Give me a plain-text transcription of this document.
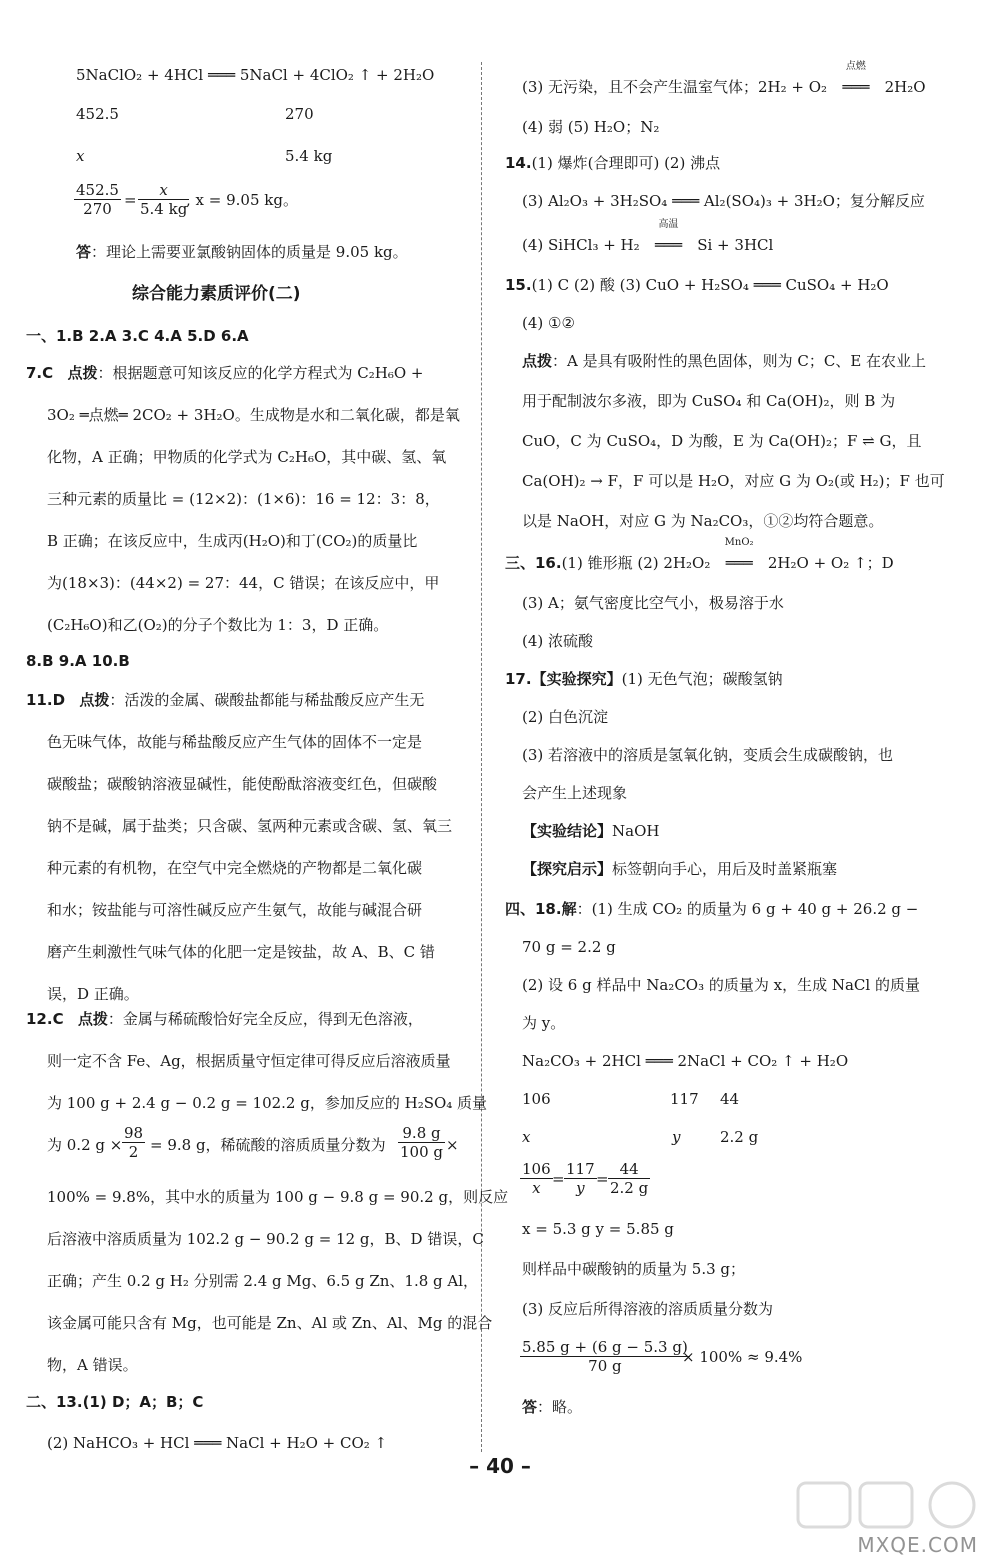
5NaClO₂ + 4HCl ═══ 5NaCl + 4ClO₂ ↑ + 2H₂O
452.5	270
x	5.4 kg
$\frac{452.5}{270} = \frac{x}{5.4 kg}$
, x = 9.05 kg。
答：理论上需要亚氯酸钠固体的质量是 9.05 kg。
综合能力素质评价(二)
一、1.B 2.A 3.C 4.A 5.D 6.A
7.C 点拨：根据题意可知该反应的化学方程式为 C₂H₆O +
3O₂ ═点燃═ 2CO₂ + 3H₂O。生成物是水和二氧化碳，都是氧
化物，A 正确；甲物质的化学式为 C₂H₆O，其中碳、氢、氧
三种元素的质量比 = (12×2)：(1×6)：16 = 12：3：8，
B 正确；在该反应中，生成丙(H₂O)和丁(CO₂)的质量比
为(18×3)：(44×2) = 27：44，C 错误；在该反应中，甲
(C₂H₆O)和乙(O₂)的分子个数比为 1：3，D 正确。
8.B 9.A 10.B
11.D 点拨：活泼的金属、碳酸盐都能与稀盐酸反应产生无
色无味气体，故能与稀盐酸反应产生气体的固体不一定是
碳酸盐；碳酸钠溶液显碱性，能使酚酞溶液变红色，但碳酸
钠不是碱，属于盐类；只含碳、氢两种元素或含碳、氢、氧三
种元素的有机物，在空气中完全燃烧的产物都是二氧化碳
和水；铵盐能与可溶性碱反应产生氨气，故能与碱混合研
磨产生刺激性气味气体的化肥一定是铵盐，故 A、B、C 错
误，D 正确。
12.C 点拨：金属与稀硫酸恰好完全反应，得到无色溶液，
则一定不含 Fe、Ag，根据质量守恒定律可得反应后溶液质量
为 100 g + 2.4 g − 0.2 g = 102.2 g，参加反应的 H₂SO₄ 质量
为 0.2 $g \times \frac{98}{2} = 9.8$ g，稀硫酸的溶质质量分数为 $\frac{9.8 g}{100 g}$ ×
100% = 9.8%，其中水的质量为 100 g − 9.8 g = 90.2 g，则反应
后溶液中溶质质量为 102.2 g − 90.2 g = 12 g，B、D 错误，C
正确；产生 0.2 g H₂ 分别需 2.4 g Mg、6.5 g Zn、1.8 g Al，
该金属可能只含有 Mg，也可能是 Zn、Al 或 Zn、Al、Mg 的混合
物，A 错误。
二、13.(1) D；A；B；C
(2) NaHCO₃ + HCl ═══ NaCl + H₂O + CO₂ ↑
(3) 无污染，且不会产生温室气体；2H₂ + O₂
点燃
═══ 2H₂O
(4) 弱 (5) H₂O；N₂
14.(1) 爆炸(合理即可) (2) 沸点
(3) Al₂O₃ + 3H₂SO₄ ═══ Al₂(SO₄)₃ + 3H₂O；复分解反应
(4) SiHCl₃ + H₂
高温
═══ Si + 3HCl
15.(1) C (2) 酸 (3) CuO + H₂SO₄ ═══ CuSO₄ + H₂O
(4) ①②
点拨：A 是具有吸附性的黑色固体，则为 C；C、E 在农业上
用于配制波尔多液，即为 CuSO₄ 和 Ca(OH)₂，则 B 为
CuO，C 为 CuSO₄，D 为酸，E 为 Ca(OH)₂；F ⇌ G，且
Ca(OH)₂ → F，F 可以是 H₂O，对应 G 为 O₂(或 H₂)；F 也可
以是 NaOH，对应 G 为 Na₂CO₃，①②均符合题意。
三、16.(1) 锥形瓶 (2) 2H₂O₂
MnO₂
═══ 2H₂O + O₂ ↑；D
(3) A；氨气密度比空气小，极易溶于水
(4) 浓硫酸
17.【实验探究】(1) 无色气泡；碳酸氢钠
(2) 白色沉淀
(3) 若溶液中的溶质是氢氧化钠，变质会生成碳酸钠，也
会产生上述现象
【实验结论】NaOH
【探究启示】标签朝向手心，用后及时盖紧瓶塞
四、18.解：(1) 生成 CO₂ 的质量为 6 g + 40 g + 26.2 g −
70 g = 2.2 g
(2) 设 6 g 样品中 Na₂CO₃ 的质量为 x，生成 NaCl 的质量
为 y。
Na₂CO₃ + 2HCl ═══ 2NaCl + CO₂ ↑ + H₂O
106	117 44
x	y	2.2 g
$\frac{106}{x} = \frac{117}{y} = \frac{44}{2.2 g}$
x = 5.3 g y = 5.85 g
则样品中碳酸钠的质量为 5.3 g；
(3) 反应后所得溶液的溶质质量分数为
$\frac{5.85 g + (6 g - 5.3 g)}{70 g}$
× 100% ≈ 9.4%
答：略。
– 40 –
MXQE.COM
